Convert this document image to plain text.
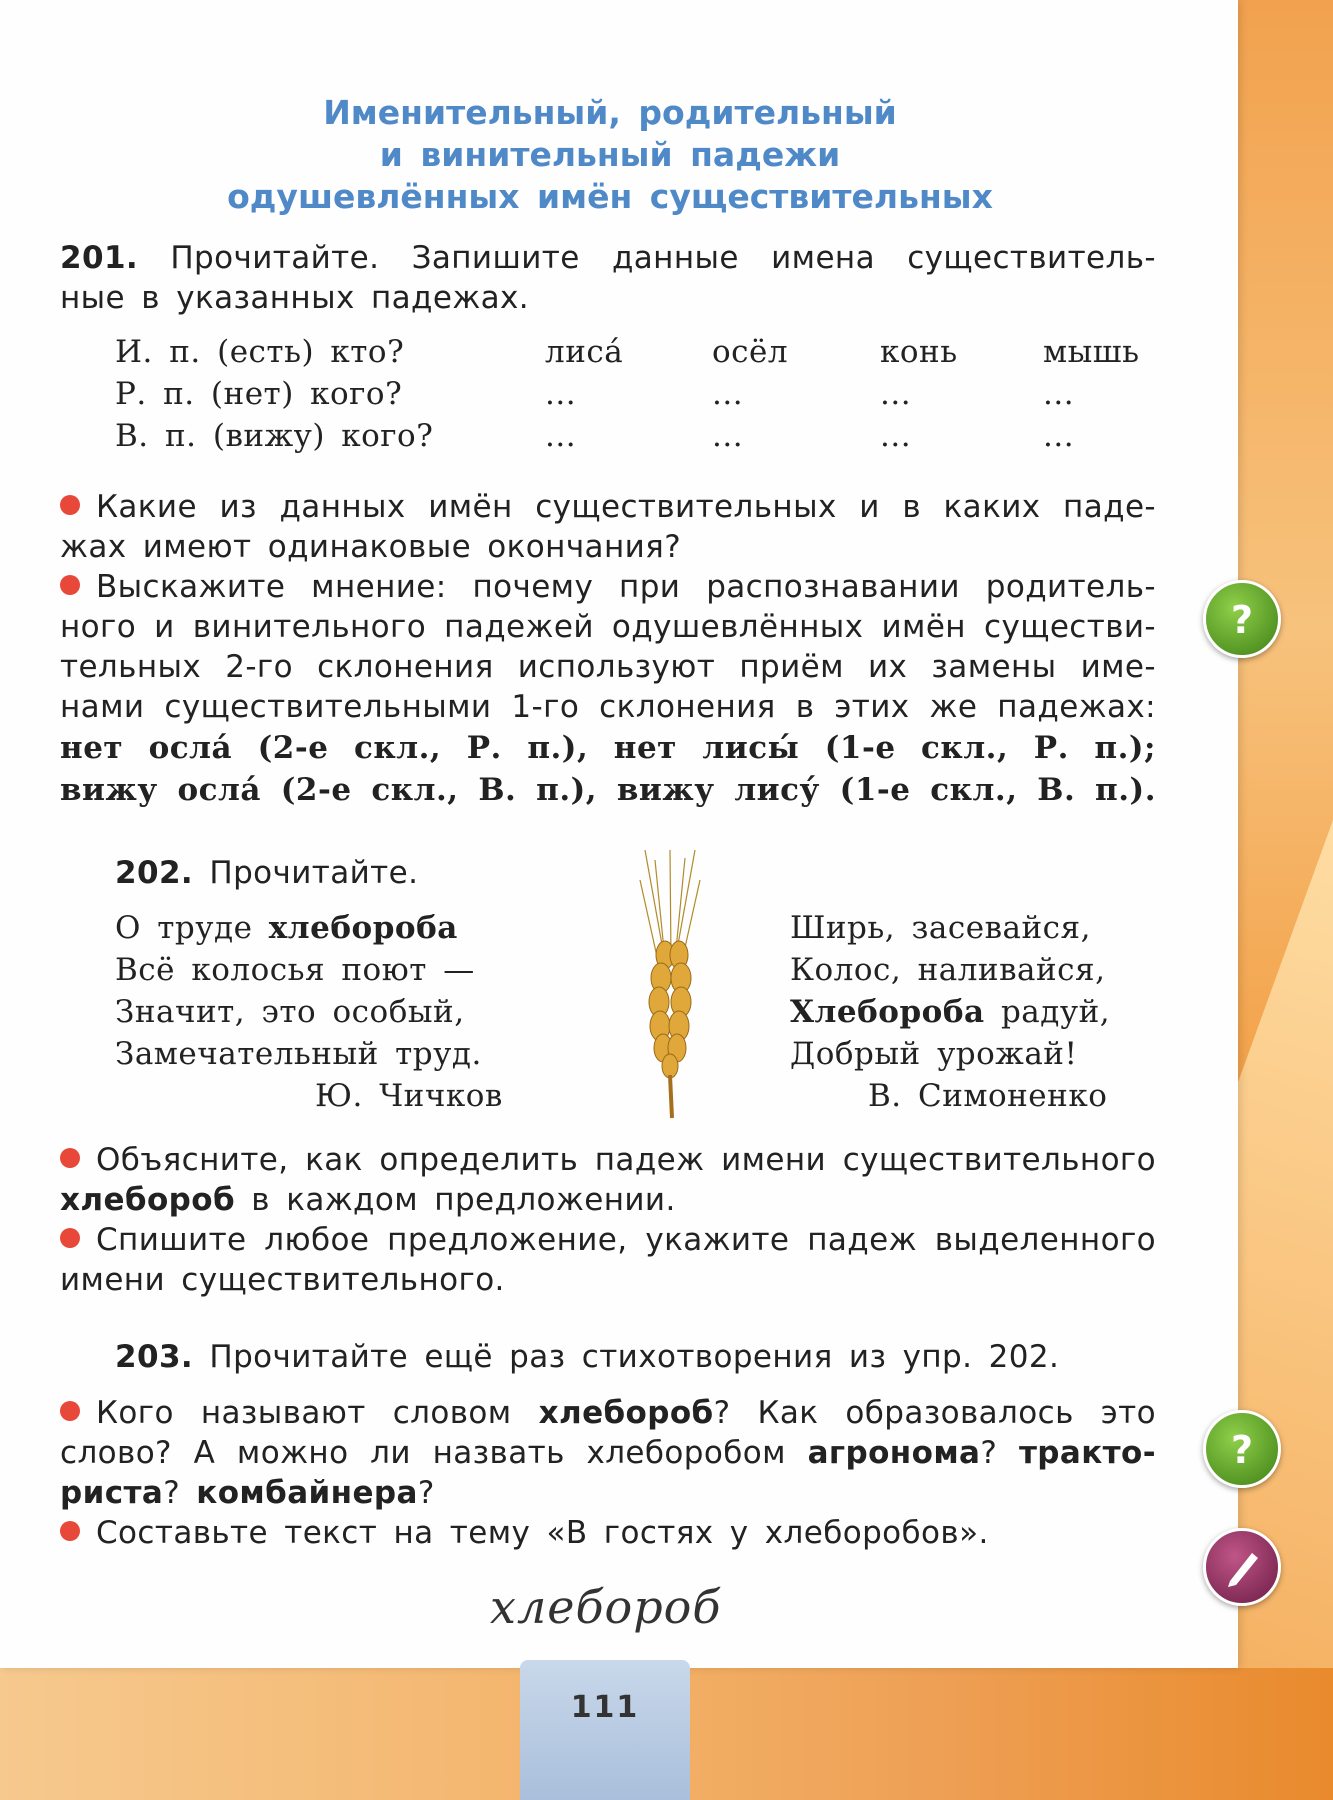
Именительный, родительный
и винительный падежи
одушевлённых имён существительных
201. Прочитайте. Запишите данные имена существитель-
ные в указанных падежах.
И. п. (есть) кто?	лиса́	осёл	конь	мышь
Р. п. (нет) кого?	...	...	...	...
В. п. (вижу) кого?	...	...	...	...
Какие из данных имён существительных и в каких паде-
жах имеют одинаковые окончания?
Выскажите мнение: почему при распознавании родитель-
ного и винительного падежей одушевлённых имён существи-
тельных 2-го склонения используют приём их замены име-
нами существительными 1-го склонения в этих же падежах:
нет осла́ (2-е скл., Р. п.), нет лисы́ (1-е скл., Р. п.);
вижу осла́ (2-е скл., В. п.), вижу лису́ (1-е скл., В. п.).
202. Прочитайте.
О труде хлебороба
Всё колосья поют —
Значит, это особый,
Замечательный труд.
Ю. Чичков
Ширь, засевайся,
Колос, наливайся,
Хлебороба радуй,
Добрый урожай!
В. Симоненко
Объясните, как определить падеж имени существительного
хлебороб в каждом предложении.
Спишите любое предложение, укажите падеж выделенного
имени существительного.
203. Прочитайте ещё раз стихотворения из упр. 202.
Кого называют словом хлебороб? Как образовалось это
слово? А можно ли назвать хлеборобом агронома? тракто-
риста? комбайнера?
Составьте текст на тему «В гостях у хлеборобов».
хлебороб
?
?
111
